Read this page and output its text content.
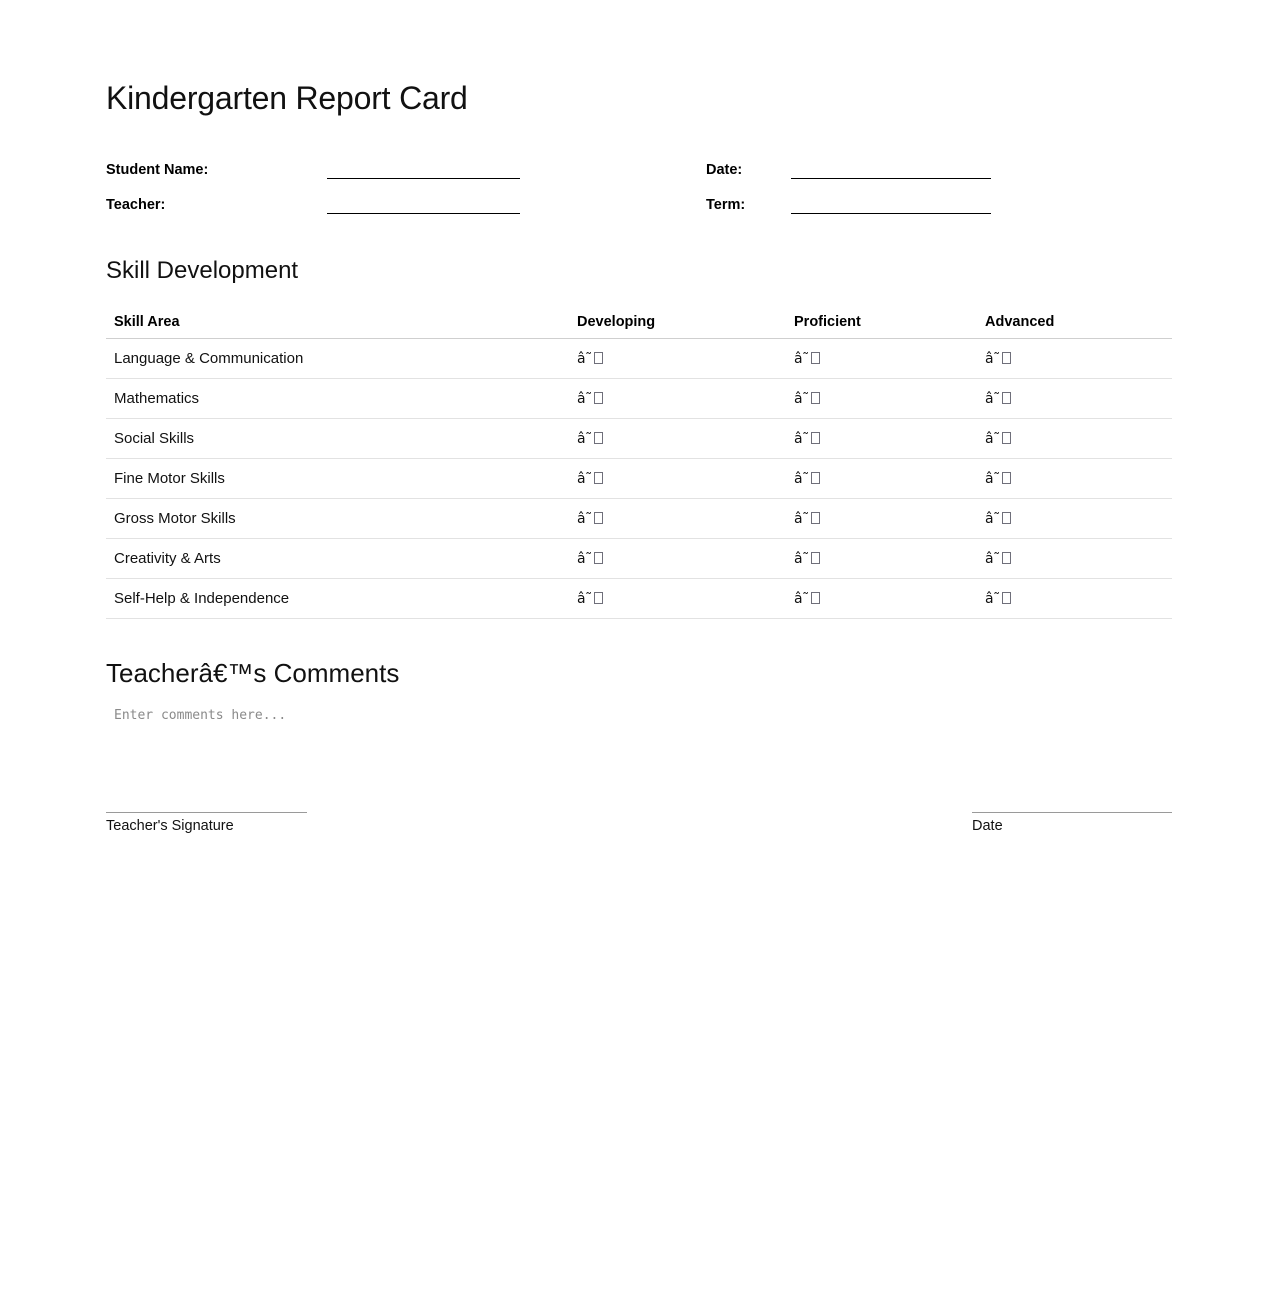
Kindergarten Report Card
Student Name:	Date:
Teacher:	Term:
Skill Development
Skill Area	Developing	Proficient	Advanced
Language & Communication	â˜	â˜	â˜

Mathematics	â˜	â˜	â˜

Social Skills	â˜	â˜	â˜

Fine Motor Skills	â˜	â˜	â˜

Gross Motor Skills	â˜	â˜	â˜

Creativity & Arts	â˜	â˜	â˜

Self-Help & Independence	â˜	â˜	â˜
Teacherâ€™s Comments
Enter comments here...
Teacher's Signature	Date
